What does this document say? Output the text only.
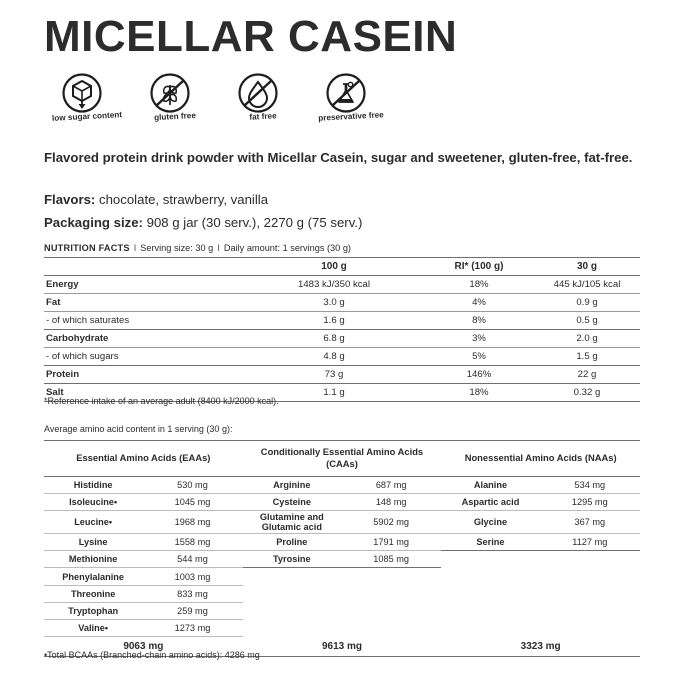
MICELLAR CASEIN
low sugar content	gluten free	fat free	preservative free
Flavored protein drink powder with Micellar Casein, sugar and sweetener, gluten-free, fat-free.
Flavors: chocolate, strawberry, vanilla
Packaging size: 908 g jar (30 serv.), 2270 g (75 serv.)
NUTRITION FACTS I Serving size: 30 g I Daily amount: 1 servings (30 g)
	100 g	RI* (100 g)	30 g
Energy	1483 kJ/350 kcal	18%	445 kJ/105 kcal
Fat	3.0 g	4%	0.9 g
- of which saturates	1.6 g	8%	0.5 g
Carbohydrate	6.8 g	3%	2.0 g
- of which sugars	4.8 g	5%	1.5 g
Protein	73 g	146%	22 g
Salt	1.1 g	18%	0.32 g
*Reference intake of an average adult (8400 kJ/2000 kcal).
Average amino acid content in 1 serving (30 g):
Essential Amino Acids (EAAs)		Conditionally Essential Amino Acids (CAAs)		Nonessential Amino Acids (NAAs)	
Histidine	530 mg	Arginine	687 mg	Alanine	534 mg
Isoleucine•	1045 mg	Cysteine	148 mg	Aspartic acid	1295 mg
Leucine•	1968 mg	Glutamine and Glutamic acid	5902 mg	Glycine	367 mg
Lysine	1558 mg	Proline	1791 mg	Serine	1127 mg
Methionine	544 mg	Tyrosine	1085 mg		
Phenylalanine	1003 mg				
Threonine	833 mg				
Tryptophan	259 mg				
Valine•	1273 mg				
9063 mg		9613 mg		3323 mg	
•Total BCAAs (Branched-chain amino acids): 4286 mg
